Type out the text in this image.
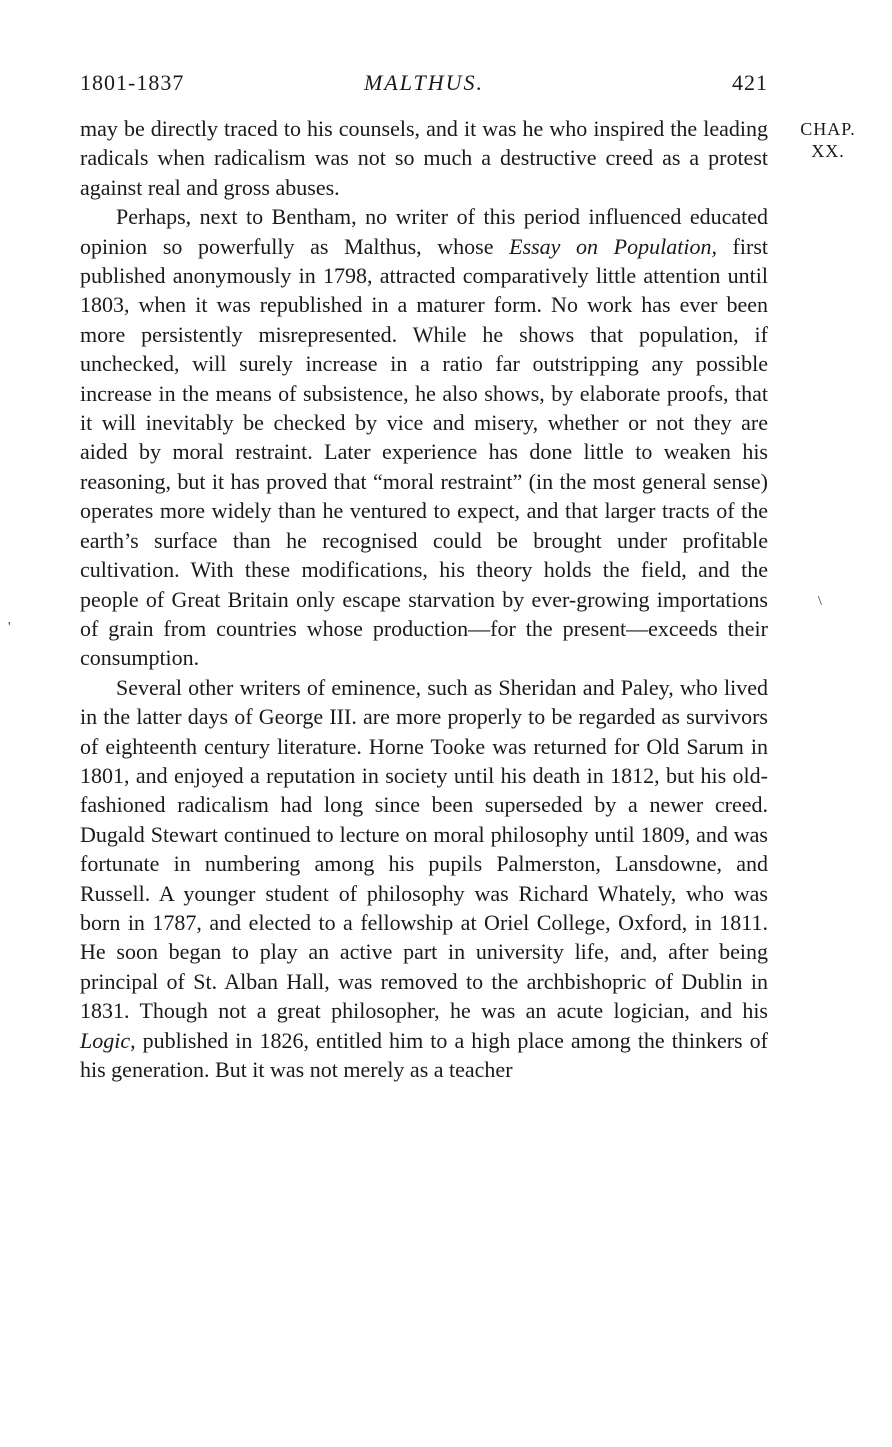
1801-1837	MALTHUS.	421
CHAP.
XX.

may be directly traced to his counsels, and it was he who inspired the leading radicals when radicalism was not so much a destructive creed as a protest against real and gross abuses.

Perhaps, next to Bentham, no writer of this period influenced educated opinion so powerfully as Malthus, whose Essay on Population, first published anonymously in 1798, attracted comparatively little attention until 1803, when it was republished in a maturer form. No work has ever been more persistently misrepresented. While he shows that population, if unchecked, will surely increase in a ratio far outstripping any possible increase in the means of subsistence, he also shows, by elaborate proofs, that it will inevitably be checked by vice and misery, whether or not they are aided by moral restraint. Later experience has done little to weaken his reasoning, but it has proved that “moral restraint” (in the most general sense) operates more widely than he ventured to expect, and that larger tracts of the earth’s surface than he recognised could be brought under profitable cultivation. With these modifications, his theory holds the field, and the people of Great Britain only escape starvation by ever-growing importations of grain from countries whose production—for the present—exceeds their consumption.

Several other writers of eminence, such as Sheridan and Paley, who lived in the latter days of George III. are more properly to be regarded as survivors of eighteenth century literature. Horne Tooke was returned for Old Sarum in 1801, and enjoyed a reputation in society until his death in 1812, but his old-fashioned radicalism had long since been superseded by a newer creed. Dugald Stewart continued to lecture on moral philosophy until 1809, and was fortunate in numbering among his pupils Palmerston, Lansdowne, and Russell. A younger student of philosophy was Richard Whately, who was born in 1787, and elected to a fellowship at Oriel College, Oxford, in 1811. He soon began to play an active part in university life, and, after being principal of St. Alban Hall, was removed to the archbishopric of Dublin in 1831. Though not a great philosopher, he was an acute logician, and his Logic, published in 1826, entitled him to a high place among the thinkers of his generation. But it was not merely as a teacher

'
\
